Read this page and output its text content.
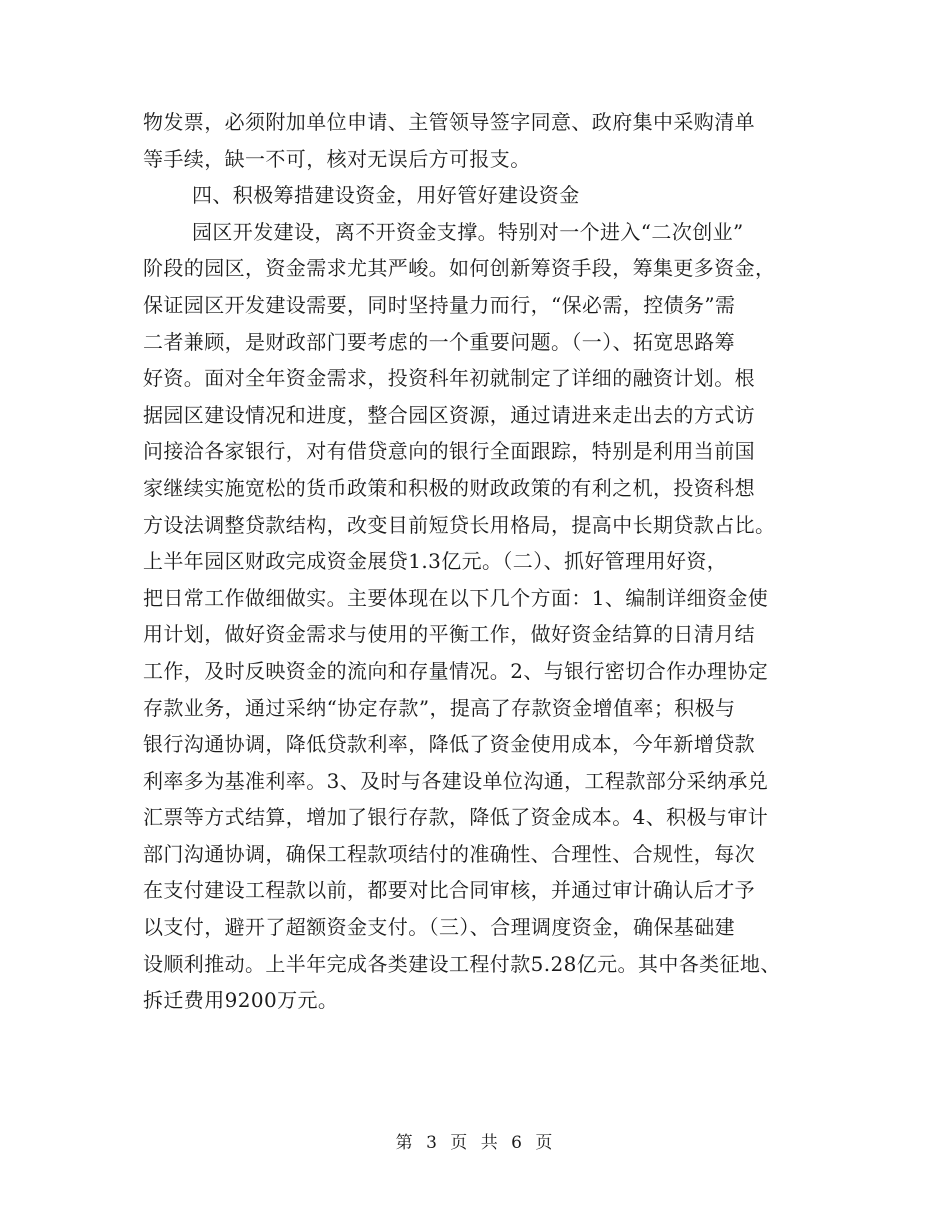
物发票，必须附加单位申请、主管领导签字同意、政府集中采购清单
等手续，缺一不可，核对无误后方可报支。
四、积极筹措建设资金，用好管好建设资金
园区开发建设，离不开资金支撑。特别对一个进入“二次创业”
阶段的园区，资金需求尤其严峻。如何创新筹资手段，筹集更多资金，
保证园区开发建设需要，同时坚持量力而行，“保必需，控债务”需
二者兼顾，是财政部门要考虑的一个重要问题。（一）、拓宽思路筹
好资。面对全年资金需求，投资科年初就制定了详细的融资计划。根
据园区建设情况和进度，整合园区资源，通过请进来走出去的方式访
问接洽各家银行，对有借贷意向的银行全面跟踪，特别是利用当前国
家继续实施宽松的货币政策和积极的财政政策的有利之机，投资科想
方设法调整贷款结构，改变目前短贷长用格局，提高中长期贷款占比。
上半年园区财政完成资金展贷1.3亿元。（二）、抓好管理用好资，
把日常工作做细做实。主要体现在以下几个方面：1、编制详细资金使
用计划，做好资金需求与使用的平衡工作，做好资金结算的日清月结
工作，及时反映资金的流向和存量情况。2、与银行密切合作办理协定
存款业务，通过采纳“协定存款”，提高了存款资金增值率；积极与
银行沟通协调，降低贷款利率，降低了资金使用成本，今年新增贷款
利率多为基准利率。3、及时与各建设单位沟通，工程款部分采纳承兑
汇票等方式结算，增加了银行存款，降低了资金成本。4、积极与审计
部门沟通协调，确保工程款项结付的准确性、合理性、合规性，每次
在支付建设工程款以前，都要对比合同审核，并通过审计确认后才予
以支付，避开了超额资金支付。（三）、合理调度资金，确保基础建
设顺利推动。上半年完成各类建设工程付款5.28亿元。其中各类征地、
拆迁费用9200万元。
第 3 页 共 6 页
